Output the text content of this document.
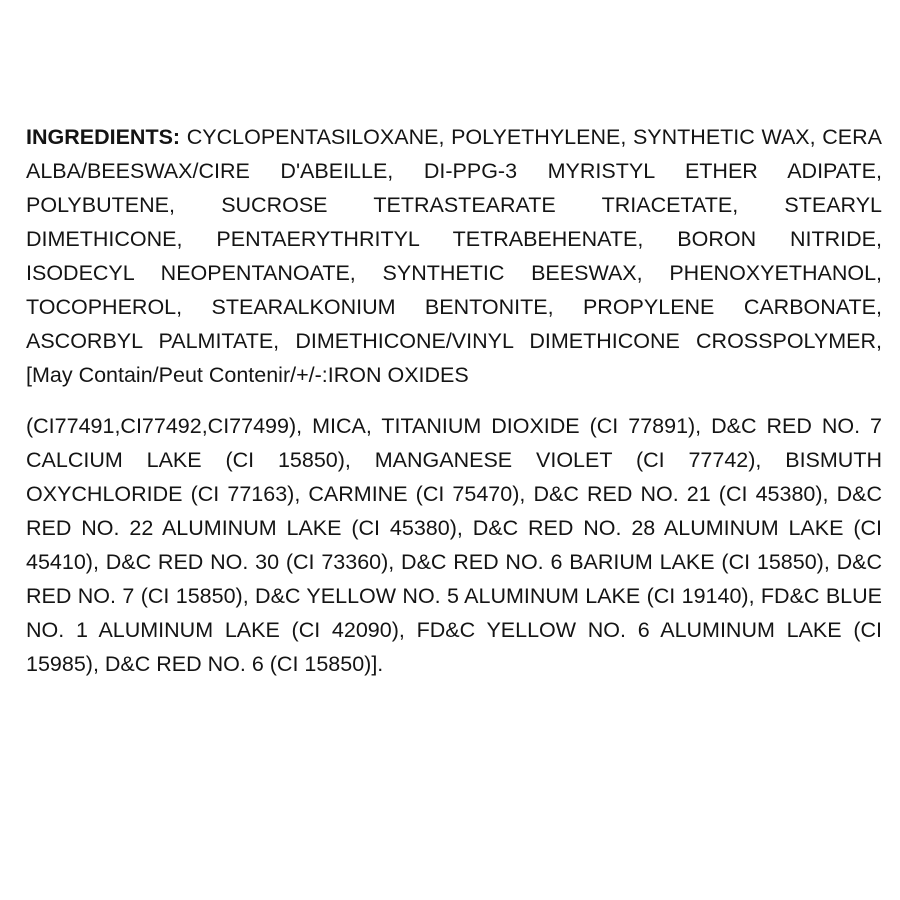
INGREDIENTS: CYCLOPENTASILOXANE, POLYETHYLENE, SYNTHETIC WAX, CERA ALBA/BEESWAX/CIRE D'ABEILLE, DI-PPG-3 MYRISTYL ETHER ADIPATE, POLYBUTENE, SUCROSE TETRASTEARATE TRIACETATE, STEARYL DIMETHICONE, PENTAERYTHRITYL TETRABEHENATE, BORON NITRIDE, ISODECYL NEOPENTANOATE, SYNTHETIC BEESWAX, PHENOXYETHANOL, TOCOPHEROL, STEARALKONIUM BENTONITE, PROPYLENE CARBONATE, ASCORBYL PALMITATE, DIMETHICONE/VINYL DIMETHICONE CROSSPOLYMER, [May Contain/Peut Contenir/+/-:IRON OXIDES

(CI77491,CI77492,CI77499), MICA, TITANIUM DIOXIDE (CI 77891), D&C RED NO. 7 CALCIUM LAKE (CI 15850), MANGANESE VIOLET (CI 77742), BISMUTH OXYCHLORIDE (CI 77163), CARMINE (CI 75470), D&C RED NO. 21 (CI 45380), D&C RED NO. 22 ALUMINUM LAKE (CI 45380), D&C RED NO. 28 ALUMINUM LAKE (CI 45410), D&C RED NO. 30 (CI 73360), D&C RED NO. 6 BARIUM LAKE (CI 15850), D&C RED NO. 7 (CI 15850), D&C YELLOW NO. 5 ALUMINUM LAKE (CI 19140), FD&C BLUE NO. 1 ALUMINUM LAKE (CI 42090), FD&C YELLOW NO. 6 ALUMINUM LAKE (CI 15985), D&C RED NO. 6 (CI 15850)].
